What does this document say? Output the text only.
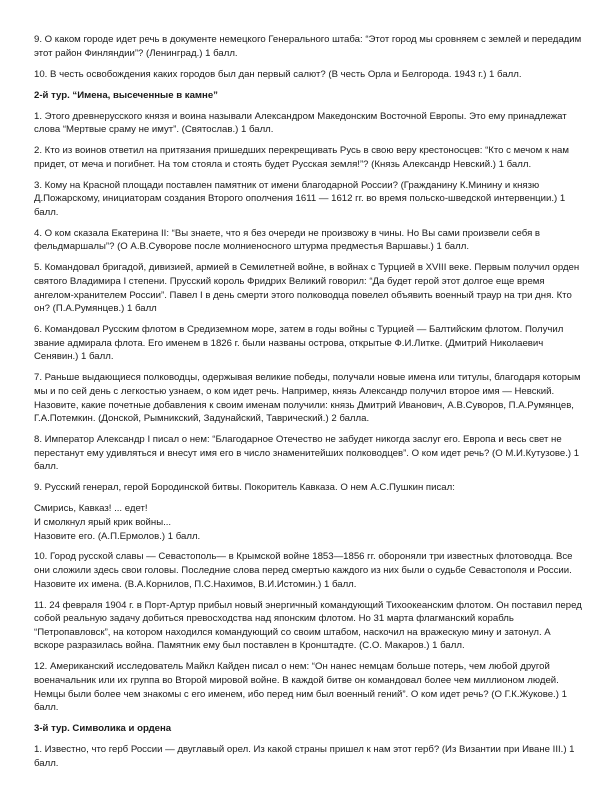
9. О каком городе идет речь в документе немецкого Генерального штаба: “Этот город мы сровняем с землей и передадим этот район Финляндии”? (Ленинград.) 1 балл.

10. В честь освобождения каких городов был дан первый салют? (В честь Орла и Белгорода. 1943 г.) 1 балл.

2-й тур. “Имена, высеченные в камне”

1. Этого древнерусского князя и воина называли Александром Македонским Восточной Европы. Это ему принадлежат слова “Мертвые сраму не имут”. (Святослав.) 1 балл.

2. Кто из воинов ответил на притязания пришедших перекрещивать Русь в свою веру крестоносцев: “Кто с мечом к нам придет, от меча и погибнет. На том стояла и стоять будет Русская земля!”? (Князь Александр Невский.) 1 балл.

3. Кому на Красной площади поставлен памятник от имени благодарной России? (Гражданину К.Минину и князю Д.Пожарскому, инициаторам создания Второго ополчения 1611 — 1612 гг. во время польско-шведской интервенции.) 1 балл.

4. О ком сказала Екатерина II: “Вы знаете, что я без очереди не произвожу в чины. Но Вы сами произвели себя в фельдмаршалы”? (О А.В.Суворове после молниеносного штурма предместья Варшавы.) 1 балл.

5. Командовал бригадой, дивизией, армией в Семилетней войне, в войнах с Турцией в XVIII веке. Первым получил орден святого Владимира I степени. Прусский король Фридрих Великий говорил: “Да будет герой этот долгое еще время ангелом-хранителем России”. Павел I в день смерти этого полководца повелел объявить военный траур на три дня. Кто он? (П.А.Румянцев.) 1 балл

6. Командовал Русским флотом в Средиземном море, затем в годы войны с Турцией — Балтийским флотом. Получил звание адмирала флота. Его именем в 1826 г. были названы острова, открытые Ф.И.Литке. (Дмитрий Николаевич Сенявин.) 1 балл.

7. Раньше выдающиеся полководцы, одержывая великие победы, получали новые имена или титулы, благодаря которым мы и по сей день с легкостью узнаем, о ком идет речь. Например, князь Александр получил второе имя — Невский. Назовите, какие почетные добавления к своим именам получили: князь Дмитрий Иванович, А.В.Суворов, П.А.Румянцев, Г.А.Потемкин. (Донской, Рымникский, Задунайский, Таврический.) 2 балла.

8. Император Александр I писал о нем: “Благодарное Отечество не забудет никогда заслуг его. Европа и весь свет не перестанут ему удивляться и внесут имя его в число знаменитейших полководцев”. О ком идет речь? (О М.И.Кутузове.) 1 балл.

9. Русский генерал, герой Бородинской битвы. Покоритель Кавказа. О нем А.С.Пушкин писал:

Смирись, Кавказ! ... едет!
И смолкнул ярый крик войны...
Назовите его. (А.П.Ермолов.) 1 балл.

10. Город русской славы — Севастополь— в Крымской войне 1853—1856 гг. обороняли три известных флотоводца. Все они сложили здесь свои головы. Последние слова перед смертью каждого из них были о судьбе Севастополя и России. Назовите их имена. (В.А.Корнилов, П.С.Нахимов, В.И.Истомин.) 1 балл.

11. 24 февраля 1904 г. в Порт-Артур прибыл новый энергичный командующий Тихоокеанским флотом. Он поставил перед собой реальную задачу добиться превосходства над японским флотом. Но 31 марта флагманский корабль “Петропавловск”, на котором находился командующий со своим штабом, наскочил на вражескую мину и затонул. А вскоре разразилась война. Памятник ему был поставлен в Кронштадте. (С.О. Макаров.) 1 балл.

12. Американский исследователь Майкл Кайден писал о нем: “Он нанес немцам больше потерь, чем любой другой военачальник или их группа во Второй мировой войне. В каждой битве он командовал более чем миллионом людей. Немцы были более чем знакомы с его именем, ибо перед ним был военный гений”. О ком идет речь? (О Г.К.Жукове.) 1 балл.

3-й тур. Символика и ордена

1. Известно, что герб России — двуглавый орел. Из какой страны пришел к нам этот герб? (Из Византии при Иване III.) 1 балл.
